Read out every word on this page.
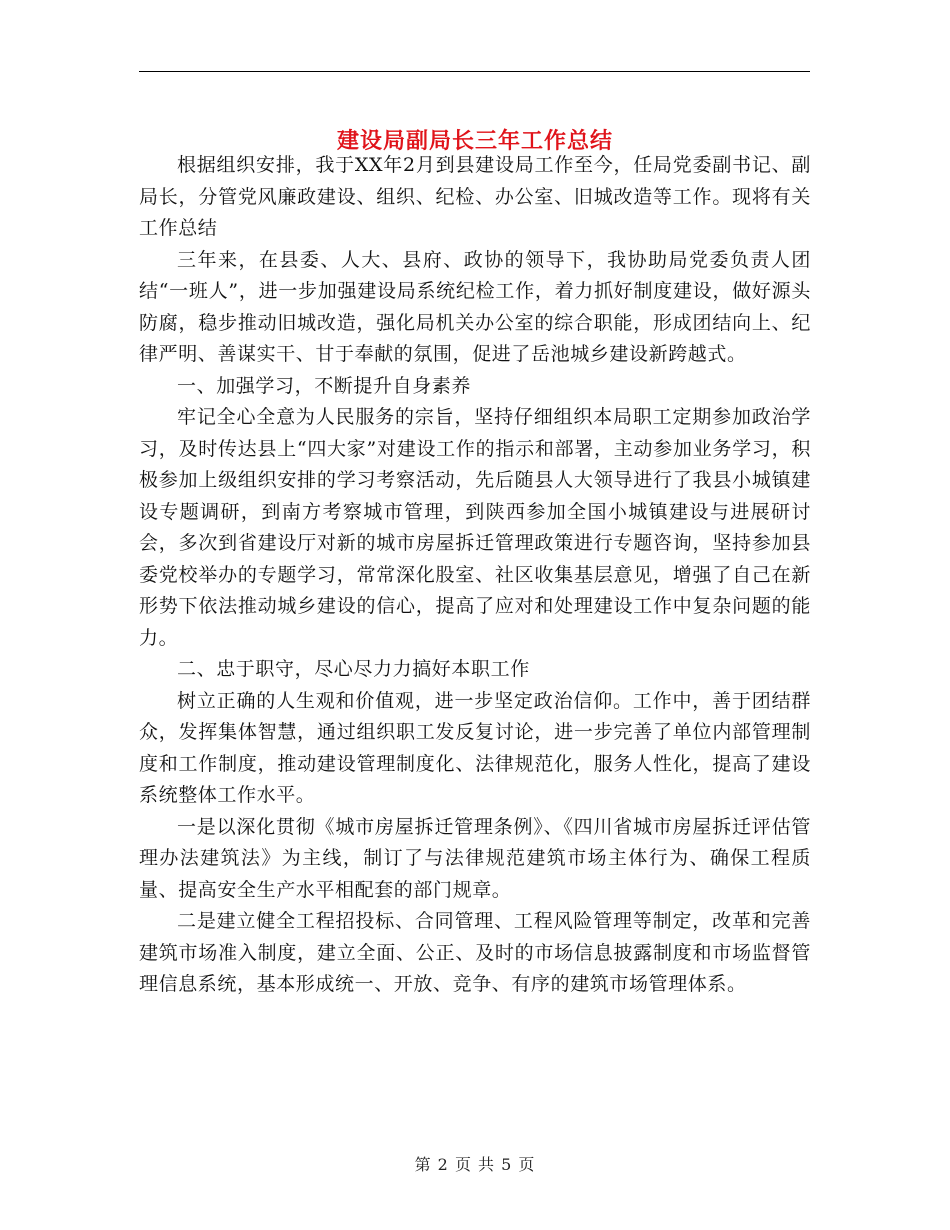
建设局副局长三年工作总结

根据组织安排，我于XX年2月到县建设局工作至今，任局党委副书记、副局长，分管党风廉政建设、组织、纪检、办公室、旧城改造等工作。现将有关工作总结

三年来，在县委、人大、县府、政协的领导下，我协助局党委负责人团结“一班人”，进一步加强建设局系统纪检工作，着力抓好制度建设，做好源头防腐，稳步推动旧城改造，强化局机关办公室的综合职能，形成团结向上、纪律严明、善谋实干、甘于奉献的氛围，促进了岳池城乡建设新跨越式。

一、加强学习，不断提升自身素养

牢记全心全意为人民服务的宗旨，坚持仔细组织本局职工定期参加政治学习，及时传达县上“四大家”对建设工作的指示和部署，主动参加业务学习，积极参加上级组织安排的学习考察活动，先后随县人大领导进行了我县小城镇建设专题调研，到南方考察城市管理，到陕西参加全国小城镇建设与进展研讨会，多次到省建设厅对新的城市房屋拆迁管理政策进行专题咨询，坚持参加县委党校举办的专题学习，常常深化股室、社区收集基层意见，增强了自己在新形势下依法推动城乡建设的信心，提高了应对和处理建设工作中复杂问题的能力。

二、忠于职守，尽心尽力力搞好本职工作

树立正确的人生观和价值观，进一步坚定政治信仰。工作中，善于团结群众，发挥集体智慧，通过组织职工发反复讨论，进一步完善了单位内部管理制度和工作制度，推动建设管理制度化、法律规范化，服务人性化，提高了建设系统整体工作水平。

一是以深化贯彻《城市房屋拆迁管理条例》、《四川省城市房屋拆迁评估管理办法建筑法》为主线，制订了与法律规范建筑市场主体行为、确保工程质量、提高安全生产水平相配套的部门规章。

二是建立健全工程招投标、合同管理、工程风险管理等制定，改革和完善建筑市场准入制度，建立全面、公正、及时的市场信息披露制度和市场监督管理信息系统，基本形成统一、开放、竞争、有序的建筑市场管理体系。

第 2 页 共 5 页
